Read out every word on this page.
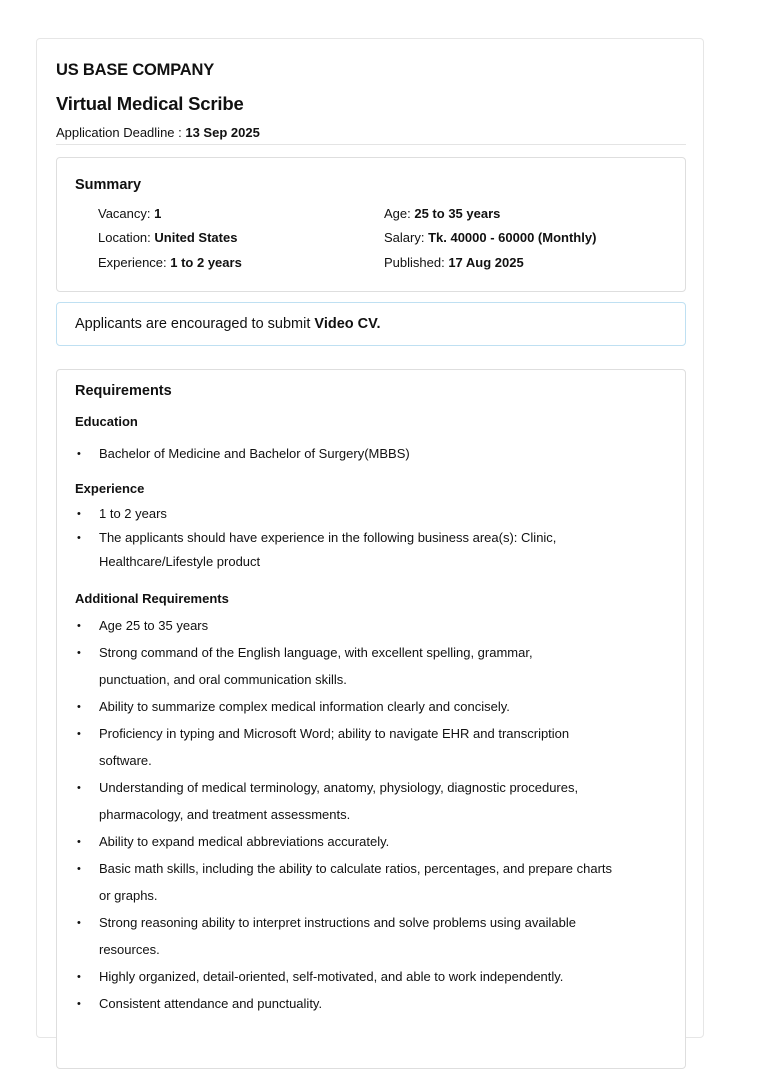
US BASE COMPANY
Virtual Medical Scribe
Application Deadline : 13 Sep 2025
Summary
Vacancy: 1
Location: United States
Experience: 1 to 2 years
Age: 25 to 35 years
Salary: Tk. 40000 - 60000 (Monthly)
Published: 17 Aug 2025
Applicants are encouraged to submit Video CV.
Requirements
Education
• Bachelor of Medicine and Bachelor of Surgery(MBBS)
Experience
• 1 to 2 years
• The applicants should have experience in the following business area(s): Clinic, Healthcare/Lifestyle product
Additional Requirements
• Age 25 to 35 years
• Strong command of the English language, with excellent spelling, grammar, punctuation, and oral communication skills.
• Ability to summarize complex medical information clearly and concisely.
• Proficiency in typing and Microsoft Word; ability to navigate EHR and transcription software.
• Understanding of medical terminology, anatomy, physiology, diagnostic procedures, pharmacology, and treatment assessments.
• Ability to expand medical abbreviations accurately.
• Basic math skills, including the ability to calculate ratios, percentages, and prepare charts or graphs.
• Strong reasoning ability to interpret instructions and solve problems using available resources.
• Highly organized, detail-oriented, self-motivated, and able to work independently.
• Consistent attendance and punctuality.
